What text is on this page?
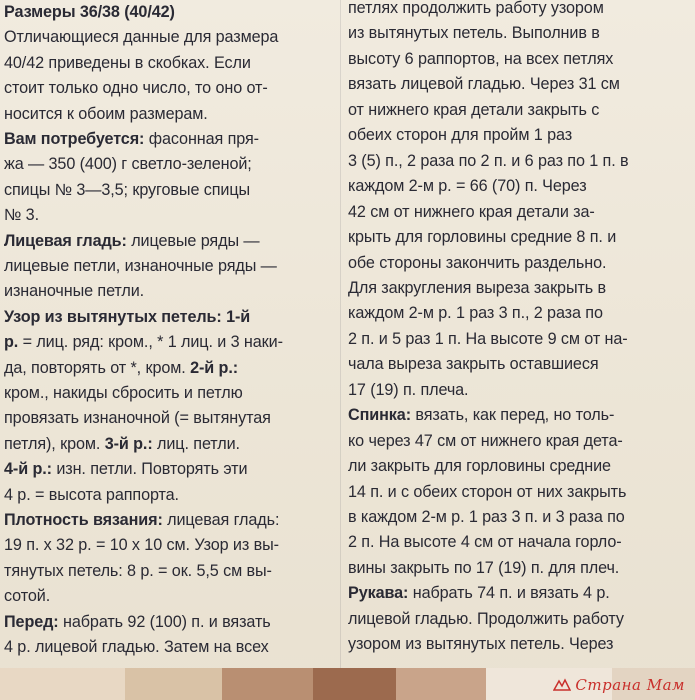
Размеры 36/38 (40/42)
Отличающиеся данные для размера
40/42 приведены в скобках. Если
стоит только одно число, то оно от-
носится к обоим размерам.
Вам потребуется: фасонная пря-
жа — 350 (400) г светло-зеленой;
спицы № 3—3,5; круговые спицы
№ 3.
Лицевая гладь: лицевые ряды —
лицевые петли, изнаночные ряды —
изнаночные петли.
Узор из вытянутых петель: 1-й
р. = лиц. ряд: кром., * 1 лиц. и 3 наки-
да, повторять от *, кром. 2-й р.:
кром., накиды сбросить и петлю
провязать изнаночной (= вытянутая
петля), кром. 3-й р.: лиц. петли.
4-й р.: изн. петли. Повторять эти
4 р. = высота раппорта.
Плотность вязания: лицевая гладь:
19 п. х 32 р. = 10 х 10 см. Узор из вы-
тянутых петель: 8 р. = ок. 5,5 см вы-
сотой.
Перед: набрать 92 (100) п. и вязать
4 р. лицевой гладью. Затем на всех
петлях продолжить работу узором
из вытянутых петель. Выполнив в
высоту 6 раппортов, на всех петлях
вязать лицевой гладью. Через 31 см
от нижнего края детали закрыть с
обеих сторон для пройм 1 раз
3 (5) п., 2 раза по 2 п. и 6 раз по 1 п. в
каждом 2-м р. = 66 (70) п. Через
42 см от нижнего края детали за-
крыть для горловины средние 8 п. и
обе стороны закончить раздельно.
Для закругления выреза закрыть в
каждом 2-м р. 1 раз 3 п., 2 раза по
2 п. и 5 раз 1 п. На высоте 9 см от на-
чала выреза закрыть оставшиеся
17 (19) п. плеча.
Спинка: вязать, как перед, но толь-
ко через 47 см от нижнего края дета-
ли закрыть для горловины средние
14 п. и с обеих сторон от них закрыть
в каждом 2-м р. 1 раз 3 п. и 3 раза по
2 п. На высоте 4 см от начала горло-
вины закрыть по 17 (19) п. для плеч.
Рукава: набрать 74 п. и вязать 4 р.
лицевой гладью. Продолжить работу
узором из вытянутых петель. Через
Страна Мам
